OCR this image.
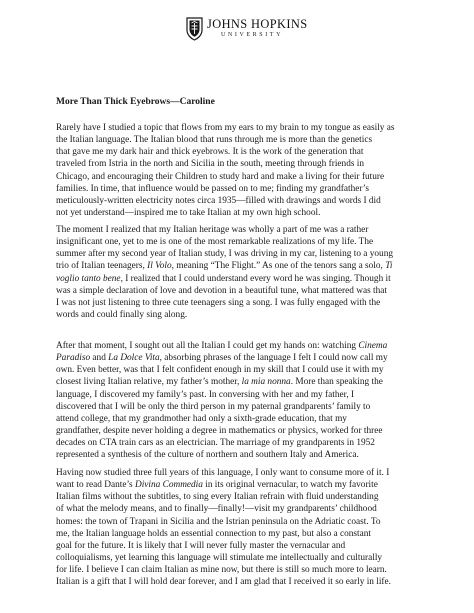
JOHNS HOPKINS
UNIVERSITY
More Than Thick Eyebrows—Caroline
Rarely have I studied a topic that flows from my ears to my brain to my tongue as easily as
the Italian language. The Italian blood that runs through me is more than the genetics
that gave me my dark hair and thick eyebrows. It is the work of the generation that
traveled from Istria in the north and Sicilia in the south, meeting through friends in
Chicago, and encouraging their Children to study hard and make a living for their future
families. In time, that influence would be passed on to me; finding my grandfather’s
meticulously-written electricity notes circa 1935—filled with drawings and words I did
not yet understand—inspired me to take Italian at my own high school.
The moment I realized that my Italian heritage was wholly a part of me was a rather
insignificant one, yet to me is one of the most remarkable realizations of my life. The
summer after my second year of Italian study, I was driving in my car, listening to a young
trio of Italian teenagers, Il Volo, meaning “The Flight.” As one of the tenors sang a solo, Ti
voglio tanto bene, I realized that I could understand every word he was singing. Though it
was a simple declaration of love and devotion in a beautiful tune, what mattered was that
I was not just listening to three cute teenagers sing a song. I was fully engaged with the
words and could finally sing along.
After that moment, I sought out all the Italian I could get my hands on: watching Cinema
Paradiso and La Dolce Vita, absorbing phrases of the language I felt I could now call my
own. Even better, was that I felt confident enough in my skill that I could use it with my
closest living Italian relative, my father’s mother, la mia nonna. More than speaking the
language, I discovered my family’s past. In conversing with her and my father, I
discovered that I will be only the third person in my paternal grandparents’ family to
attend college, that my grandmother had only a sixth-grade education, that my
grandfather, despite never holding a degree in mathematics or physics, worked for three
decades on CTA train cars as an electrician. The marriage of my grandparents in 1952
represented a synthesis of the culture of northern and southern Italy and America.
Having now studied three full years of this language, I only want to consume more of it. I
want to read Dante’s Divina Commedia in its original vernacular, to watch my favorite
Italian films without the subtitles, to sing every Italian refrain with fluid understanding
of what the melody means, and to finally—finally!—visit my grandparents’ childhood
homes: the town of Trapani in Sicilia and the Istrian peninsula on the Adriatic coast. To
me, the Italian language holds an essential connection to my past, but also a constant
goal for the future. It is likely that I will never fully master the vernacular and
colloquialisms, yet learning this language will stimulate me intellectually and culturally
for life. I believe I can claim Italian as mine now, but there is still so much more to learn.
Italian is a gift that I will hold dear forever, and I am glad that I received it so early in life.
